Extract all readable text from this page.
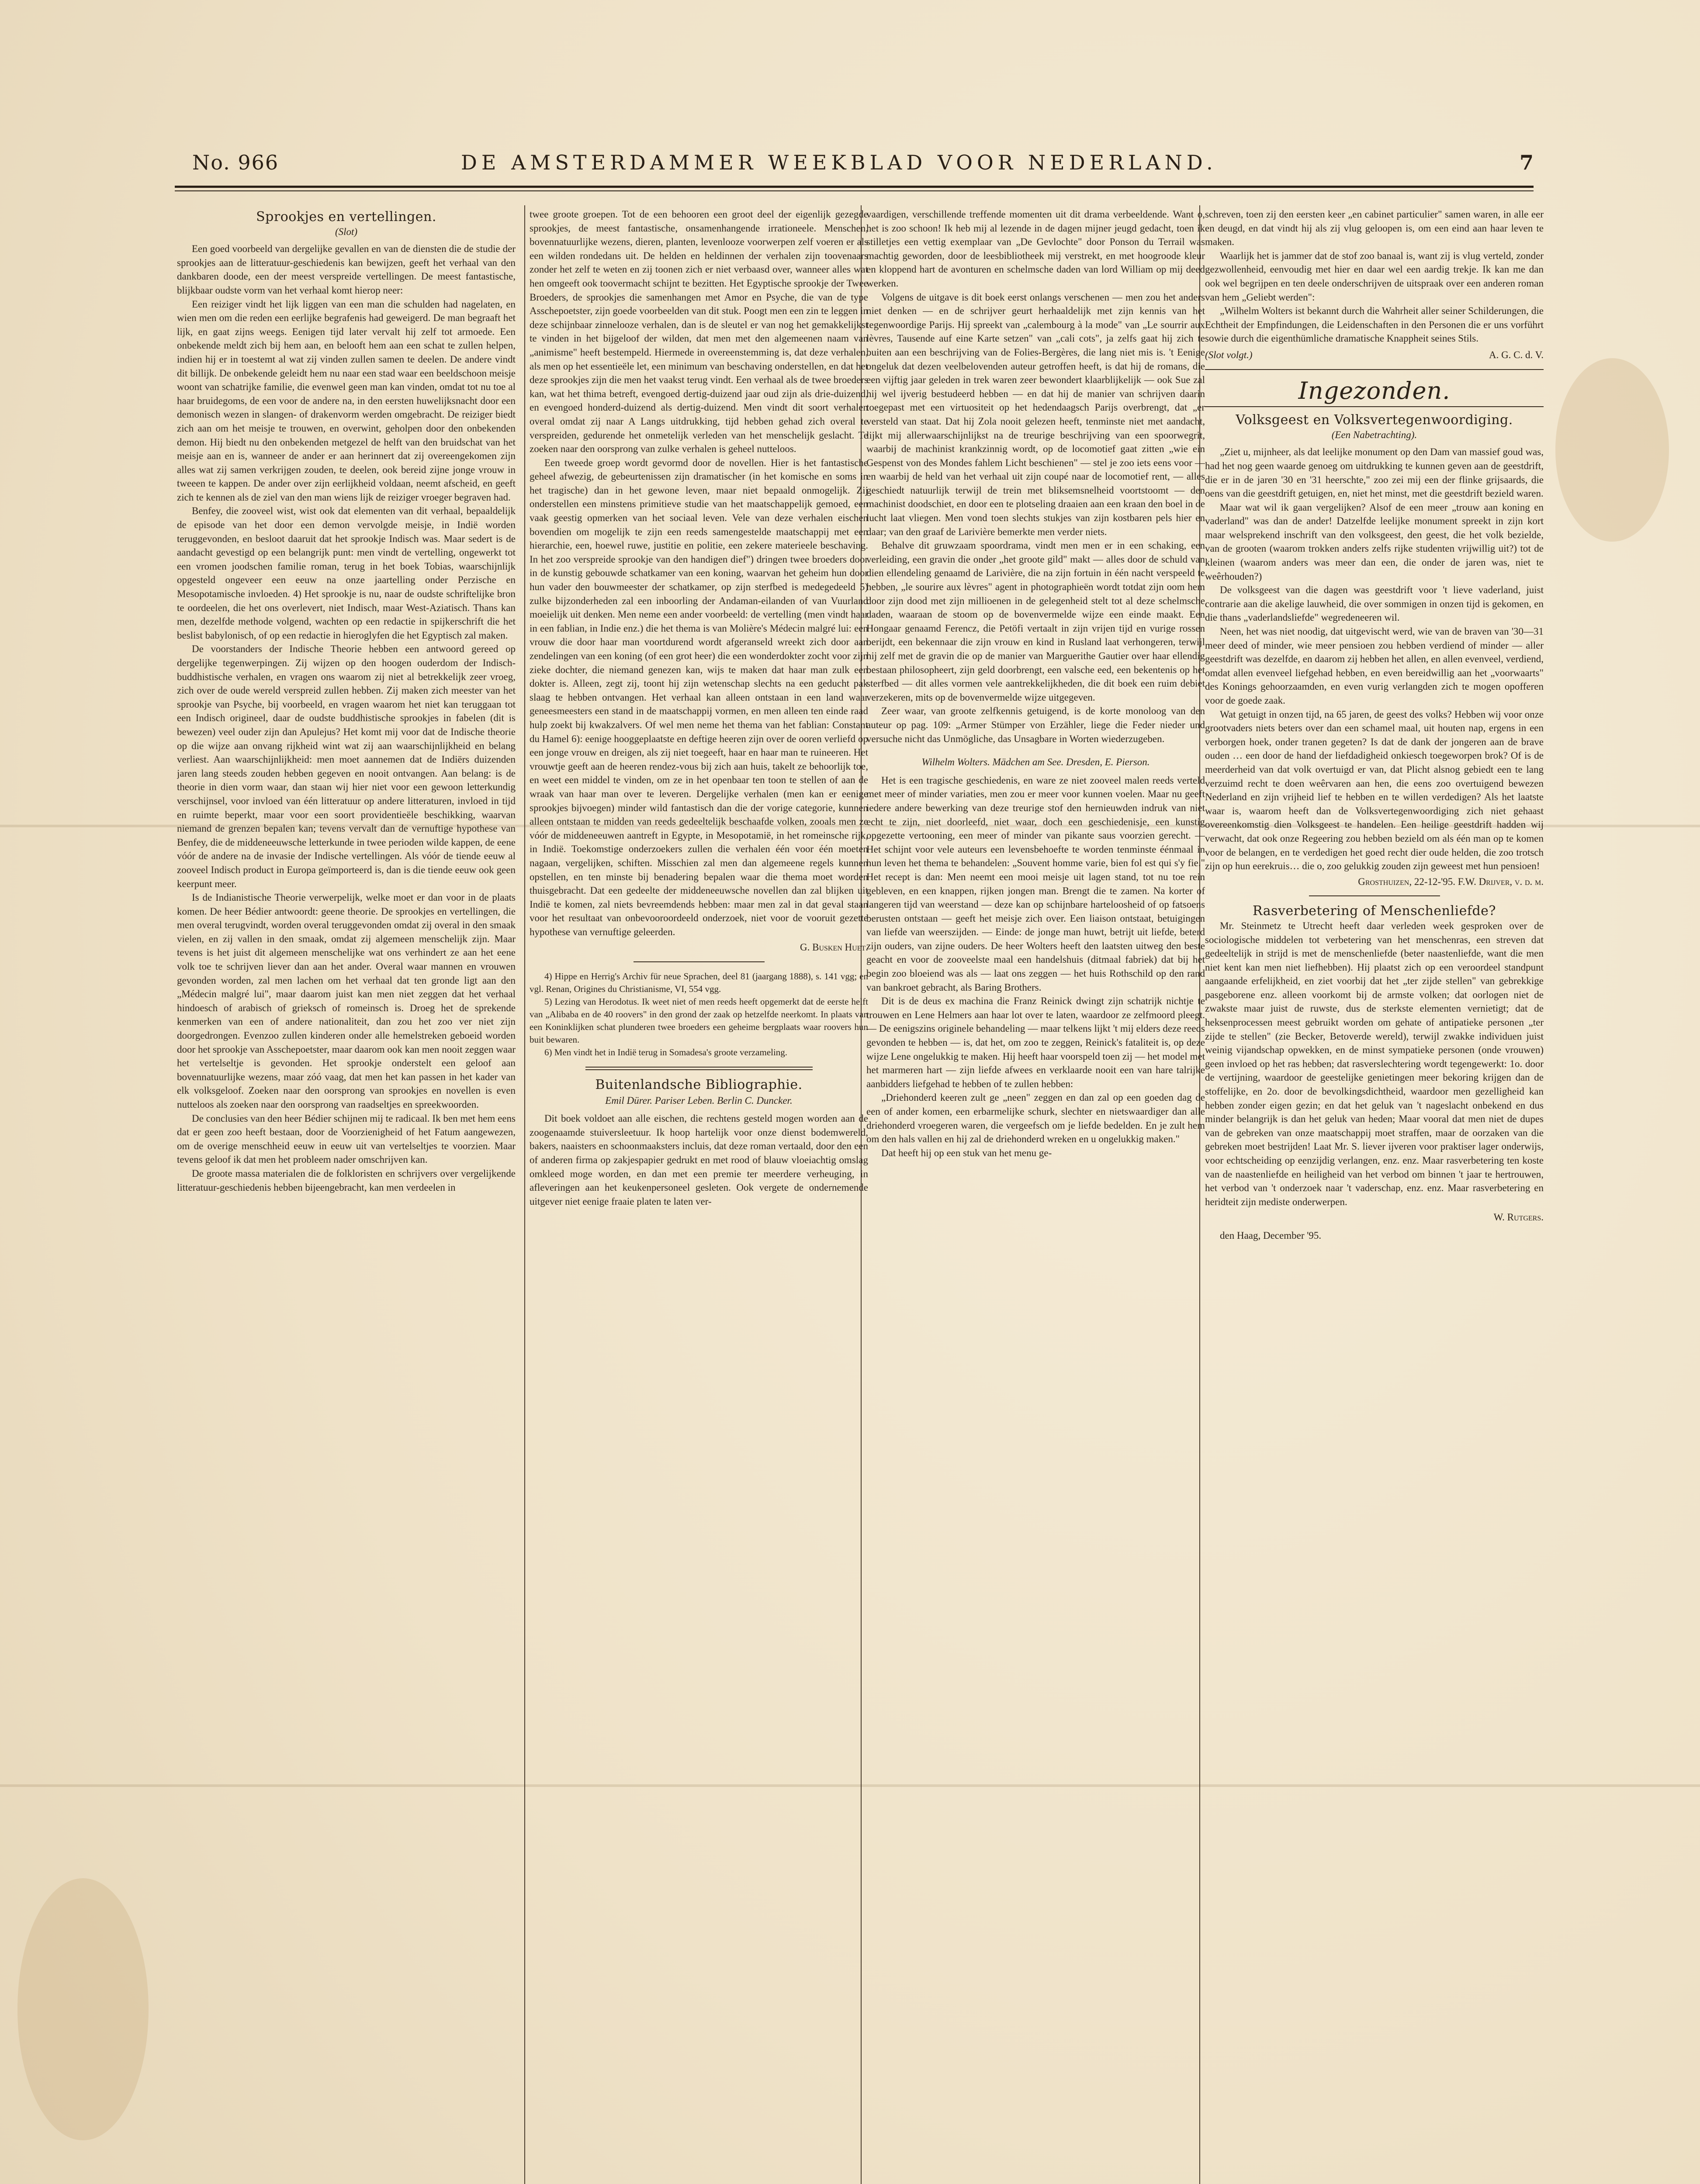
No. 966	DE AMSTERDAMMER WEEKBLAD VOOR NEDERLAND.	7
Sprookjes en vertellingen.
(Slot)

Een goed voorbeeld van dergelijke gevallen en van de diensten die de studie der sprookjes aan de litteratuur-geschiedenis kan bewijzen, geeft het verhaal van den dankbaren doode, een der meest verspreide vertellingen. De meest fantastische, blijkbaar oudste vorm van het verhaal komt hierop neer:

Een reiziger vindt het lijk liggen van een man die schulden had nagelaten, en wien men om die reden een eerlijke begrafenis had geweigerd. De man begraaft het lijk, en gaat zijns weegs. Eenigen tijd later vervalt hij zelf tot armoede. Een onbekende meldt zich bij hem aan, en belooft hem aan een schat te zullen helpen, indien hij er in toestemt al wat zij vinden zullen samen te deelen. De andere vindt dit billijk. De onbekende geleidt hem nu naar een stad waar een beeldschoon meisje woont van schatrijke familie, die evenwel geen man kan vinden, omdat tot nu toe al haar bruidegoms, de een voor de andere na, in den eersten huwelijksnacht door een demonisch wezen in slangen- of drakenvorm werden omgebracht. De reiziger biedt zich aan om het meisje te trouwen, en overwint, geholpen door den onbekenden demon. Hij biedt nu den onbekenden metgezel de helft van den bruidschat van het meisje aan en is, wanneer de ander er aan herinnert dat zij overeengekomen zijn alles wat zij samen verkrijgen zouden, te deelen, ook bereid zijne jonge vrouw in tweeen te kappen. De ander over zijn eerlijkheid voldaan, neemt afscheid, en geeft zich te kennen als de ziel van den man wiens lijk de reiziger vroeger begraven had.

Benfey, die zooveel wist, wist ook dat elementen van dit verhaal, bepaaldelijk de episode van het door een demon vervolgde meisje, in Indië worden teruggevonden, en besloot daaruit dat het sprookje Indisch was. Maar sedert is de aandacht gevestigd op een belangrijk punt: men vindt de vertelling, ongewerkt tot een vromen joodschen familie roman, terug in het boek Tobias, waarschijnlijk opgesteld ongeveer een eeuw na onze jaartelling onder Perzische en Mesopotamische invloeden. 4) Het sprookje is nu, naar de oudste schriftelijke bron te oordeelen, die het ons overlevert, niet Indisch, maar West-Aziatisch. Thans kan men, dezelfde methode volgend, wachten op een redactie in spijkerschrift die het beslist babylonisch, of op een redactie in hieroglyfen die het Egyptisch zal maken.

De voorstanders der Indische Theorie hebben een antwoord gereed op dergelijke tegenwerpingen. Zij wijzen op den hoogen ouderdom der Indisch-buddhistische verhalen, en vragen ons waarom zij niet al betrekkelijk zeer vroeg, zich over de oude wereld verspreid zullen hebben. Zij maken zich meester van het sprookje van Psyche, bij voorbeeld, en vragen waarom het niet kan teruggaan tot een Indisch origineel, daar de oudste buddhistische sprookjes in fabelen (dit is bewezen) veel ouder zijn dan Apulejus? Het komt mij voor dat de Indische theorie op die wijze aan onvang rijkheid wint wat zij aan waarschijnlijkheid en belang verliest. Aan waarschijnlijkheid: men moet aannemen dat de Indiërs duizenden jaren lang steeds zouden hebben gegeven en nooit ontvangen. Aan belang: is de theorie in dien vorm waar, dan staan wij hier niet voor een gewoon letterkundig verschijnsel, voor invloed van één litteratuur op andere litteraturen, invloed in tijd en ruimte beperkt, maar voor een soort providentieële beschikking, waarvan niemand de grenzen bepalen kan; tevens vervalt dan de vernuftige hypothese van Benfey, die de middeneeuwsche letterkunde in twee perioden wilde kappen, de eene vóór de andere na de invasie der Indische vertellingen. Als vóór de tiende eeuw al zooveel Indisch product in Europa geïmporteerd is, dan is die tiende eeuw ook geen keerpunt meer.

Is de Indianistische Theorie verwerpelijk, welke moet er dan voor in de plaats komen. De heer Bédier antwoordt: geene theorie. De sprookjes en vertellingen, die men overal terugvindt, worden overal teruggevonden omdat zij overal in den smaak vielen, en zij vallen in den smaak, omdat zij algemeen menschelijk zijn. Maar tevens is het juist dit algemeen menschelijke wat ons verhindert ze aan het eene volk toe te schrijven liever dan aan het ander. Overal waar mannen en vrouwen gevonden worden, zal men lachen om het verhaal dat ten gronde ligt aan den „Médecin malgré lui", maar daarom juist kan men niet zeggen dat het verhaal hindoesch of arabisch of grieksch of romeinsch is. Droeg het de sprekende kenmerken van een of andere nationaliteit, dan zou het zoo ver niet zijn doorgedrongen. Evenzoo zullen kinderen onder alle hemelstreken geboeid worden door het sprookje van Asschepoetster, maar daarom ook kan men nooit zeggen waar het vertelseltje is gevonden. Het sprookje onderstelt een geloof aan bovennatuurlijke wezens, maar zóó vaag, dat men het kan passen in het kader van elk volksgeloof. Zoeken naar den oorsprong van sprookjes en novellen is even nutteloos als zoeken naar den oorsprong van raadseltjes en spreekwoorden.

De conclusies van den heer Bédier schijnen mij te radicaal. Ik ben met hem eens dat er geen zoo heeft bestaan, door de Voorzienigheid of het Fatum aangewezen, om de overige menschheid eeuw in eeuw uit van vertelseltjes te voorzien. Maar tevens geloof ik dat men het probleem nader omschrijven kan.

De groote massa materialen die de folkloristen en schrijvers over vergelijkende litteratuur-geschiedenis hebben bijeengebracht, kan men verdeelen in

twee groote groepen. Tot de een behooren een groot deel der eigenlijk gezegde sprookjes, de meest fantastische, onsamenhangende irrationeele. Menschen, bovennatuurlijke wezens, dieren, planten, levenlooze voorwerpen zelf voeren er als een wilden rondedans uit. De helden en heldinnen der verhalen zijn toovenaars zonder het zelf te weten en zij toonen zich er niet verbaasd over, wanneer alles wat hen omgeeft ook toovermacht schijnt te bezitten. Het Egyptische sprookje der Twee Broeders, de sprookjes die samenhangen met Amor en Psyche, die van de type Asschepoetster, zijn goede voorbeelden van dit stuk. Poogt men een zin te leggen in deze schijnbaar zinnelooze verhalen, dan is de sleutel er van nog het gemakkelijkst te vinden in het bijgeloof der wilden, dat men met den algemeenen naam van „animisme" heeft bestempeld. Hiermede in overeenstemming is, dat deze verhalen, als men op het essentieële let, een minimum van beschaving onderstellen, en dat het deze sprookjes zijn die men het vaakst terug vindt. Een verhaal als de twee broeders kan, wat het thima betreft, evengoed dertig-duizend jaar oud zijn als drie-duizend, en evengoed honderd-duizend als dertig-duizend. Men vindt dit soort verhalen overal omdat zij naar A Langs uitdrukking, tijd hebben gehad zich overal te verspreiden, gedurende het onmetelijk verleden van het menschelijk geslacht. Te zoeken naar den oorsprong van zulke verhalen is geheel nutteloos.

Een tweede groep wordt gevormd door de novellen. Hier is het fantastische geheel afwezig, de gebeurtenissen zijn dramatischer (in het komische en soms in het tragische) dan in het gewone leven, maar niet bepaald onmogelijk. Zij onderstellen een minstens primitieve studie van het maatschappelijk gemoed, een vaak geestig opmerken van het sociaal leven. Vele van deze verhalen eischen bovendien om mogelijk te zijn een reeds samengestelde maatschappij met een hierarchie, een, hoewel ruwe, justitie en politie, een zekere materieele beschaving. In het zoo verspreide sprookje van den handigen dief") dringen twee broeders door in de kunstig gebouwde schatkamer van een koning, waarvan het geheim hun door hun vader den bouwmeester der schatkamer, op zijn sterfbed is medegedeeld 5) zulke bijzonderheden zal een inboorling der Andaman-eilanden of van Vuurland moeielijk uit denken. Men neme een ander voorbeeld: de vertelling (men vindt haar in een fablian, in Indie enz.) die het thema is van Molière's Médecin malgré lui: een vrouw die door haar man voortdurend wordt afgeranseld wreekt zich door aan zendelingen van een koning (of een grot heer) die een wonderdokter zocht voor zijn zieke dochter, die niemand genezen kan, wijs te maken dat haar man zulk een dokter is. Alleen, zegt zij, toont hij zijn wetenschap slechts na een geducht pak slaag te hebben ontvangen. Het verhaal kan alleen ontstaan in een land waar geneesmeesters een stand in de maatschappij vormen, en men alleen ten einde raad hulp zoekt bij kwakzalvers. Of wel men neme het thema van het fablian: Constant du Hamel 6): eenige hooggeplaatste en deftige heeren zijn over de ooren verliefd op een jonge vrouw en dreigen, als zij niet toegeeft, haar en haar man te ruineeren. Het vrouwtje geeft aan de heeren rendez-vous bij zich aan huis, takelt ze behoorlijk toe, en weet een middel te vinden, om ze in het openbaar ten toon te stellen of aan de wraak van haar man over te leveren. Dergelijke verhalen (men kan er eenige sprookjes bijvoegen) minder wild fantastisch dan die der vorige categorie, kunnen alleen ontstaan te midden van reeds gedeeltelijk beschaafde volken, zooals men ze vóór de middeneeuwen aantreft in Egypte, in Mesopotamië, in het romeinsche rijk, in Indië. Toekomstige onderzoekers zullen die verhalen één voor één moeten nagaan, vergelijken, schiften. Misschien zal men dan algemeene regels kunnen opstellen, en ten minste bij benadering bepalen waar die thema moet worden thuisgebracht. Dat een gedeelte der middeneeuwsche novellen dan zal blijken uit Indië te komen, zal niets bevreemdends hebben: maar men zal in dat geval staan voor het resultaat van onbevooroordeeld onderzoek, niet voor de vooruit gezette hypothese van vernuftige geleerden.

G. Busken Huet.

4) Hippe en Herrig's Archiv für neue Sprachen, deel 81 (jaargang 1888), s. 141 vgg; en vgl. Renan, Origines du Christianisme, VI, 554 vgg.

5) Lezing van Herodotus. Ik weet niet of men reeds heeft opgemerkt dat de eerste helft van „Alibaba en de 40 roovers" in den grond der zaak op hetzelfde neerkomt. In plaats van een Koninklijken schat plunderen twee broeders een geheime bergplaats waar roovers hun buit bewaren.

6) Men vindt het in Indië terug in Somadesa's groote verzameling.

Buitenlandsche Bibliographie.
Emil Dürer. Pariser Leben. Berlin C. Duncker.

Dit boek voldoet aan alle eischen, die rechtens gesteld mogen worden aan de zoogenaamde stuiversleetuur. Ik hoop hartelijk voor onze dienst bodemwereld, bakers, naaisters en schoonmaaksters incluis, dat deze roman vertaald, door den een of anderen firma op zakjespapier gedrukt en met rood of blauw vloeiachtig omslag omkleed moge worden, en dan met een premie ter meerdere verheuging, in afleveringen aan het keukenpersoneel gesleten. Ook vergete de ondernemende uitgever niet eenige fraaie platen te laten ver-

vaardigen, verschillende treffende momenten uit dit drama verbeeldende. Want o, het is zoo schoon! Ik heb mij al lezende in de dagen mijner jeugd gedacht, toen ik stilletjes een vettig exemplaar van „De Gevlochte" door Ponson du Terrail was machtig geworden, door de leesbibliotheek mij verstrekt, en met hoogroode kleur en kloppend hart de avonturen en schelmsche daden van lord William op mij deed werken.

Volgens de uitgave is dit boek eerst onlangs verschenen — men zou het anders niet denken — en de schrijver geurt herhaaldelijk met zijn kennis van het tegenwoordige Parijs. Hij spreekt van „calembourg à la mode" van „Le sourrir aux lèvres, Tausende auf eine Karte setzen" van „cali cots", ja zelfs gaat hij zich te buiten aan een beschrijving van de Folies-Bergères, die lang niet mis is. 't Eenige ongeluk dat dezen veelbelovenden auteur getroffen heeft, is dat hij de romans, die een vijftig jaar geleden in trek waren zeer bewondert klaarblijkelijk — ook Sue zal hij wel ijverig bestudeerd hebben — en dat hij de manier van schrijven daarin toegepast met een virtuositeit op het hedendaagsch Parijs overbrengt, dat „er versteld van staat. Dat hij Zola nooit gelezen heeft, tenminste niet met aandacht, lijkt mij allerwaarschijnlijkst na de treurige beschrijving van een spoorwegrit, waarbij de machinist krankzinnig wordt, op de locomotief gaat zitten „wie ein Gespenst von des Mondes fahlem Licht beschienen" — stel je zoo iets eens voor — en waarbij de held van het verhaal uit zijn coupé naar de locomotief rent, — alles geschiedt natuurlijk terwijl de trein met bliksemsnelheid voortstoomt — den machinist doodschiet, en door een te plotseling draaien aan een kraan den boel in de lucht laat vliegen. Men vond toen slechts stukjes van zijn kostbaren pels hier en daar; van den graaf de Larivière bemerkte men verder niets.

Behalve dit gruwzaam spoordrama, vindt men men er in een schaking, een verleiding, een gravin die onder „het groote gild" makt — alles door de schuld van dien ellendeling genaamd de Larivière, die na zijn fortuin in één nacht verspeeld te hebben, „le sourire aux lèvres" agent in photographieën wordt totdat zijn oom hem door zijn dood met zijn millioenen in de gelegenheid stelt tot al deze schelmsche daden, waaraan de stoom op de bovenvermelde wijze een einde maakt. Een Hongaar genaamd Ferencz, die Petöfi vertaalt in zijn vrijen tijd en vurige rossen berijdt, een bekennaar die zijn vrouw en kind in Rusland laat verhongeren, terwijl hij zelf met de gravin die op de manier van Marguerithe Gautier over haar ellendig bestaan philosopheert, zijn geld doorbrengt, een valsche eed, een bekentenis op het sterfbed — dit alles vormen vele aantrekkelijkheden, die dit boek een ruim debiet verzekeren, mits op de bovenvermelde wijze uitgegeven.

Zeer waar, van groote zelfkennis getuigend, is de korte monoloog van den auteur op pag. 109: „Armer Stümper von Erzähler, liege die Feder nieder und versuche nicht das Unmögliche, das Unsagbare in Worten wiederzugeben.

Wilhelm Wolters. Mädchen am See. Dresden, E. Pierson.

Het is een tragische geschiedenis, en ware ze niet zooveel malen reeds verteld met meer of minder variaties, men zou er meer voor kunnen voelen. Maar nu geeft iedere andere bewerking van deze treurige stof den hernieuwden indruk van niet echt te zijn, niet doorleefd, niet waar, doch een geschiedenisje, een kunstig opgezette vertooning, een meer of minder van pikante saus voorzien gerecht. — Het schijnt voor vele auteurs een levensbehoefte te worden tenminste éénmaal in hun leven het thema te behandelen: „Souvent homme varie, bien fol est qui s'y fie." Het recept is dan: Men neemt een mooi meisje uit lagen stand, tot nu toe rein gebleven, en een knappen, rijken jongen man. Brengt die te zamen. Na korter of langeren tijd van weerstand — deze kan op schijnbare harteloosheid of op fatsoens berusten ontstaan — geeft het meisje zich over. Een liaison ontstaat, betuigingen van liefde van weerszijden. — Einde: de jonge man huwt, betrijt uit liefde, beterd zijn ouders, van zijne ouders. De heer Wolters heeft den laatsten uitweg den beste geacht en voor de zooveelste maal een handelshuis (ditmaal fabriek) dat bij het begin zoo bloeiend was als — laat ons zeggen — het huis Rothschild op den rand van bankroet gebracht, als Baring Brothers.

Dit is de deus ex machina die Franz Reinick dwingt zijn schatrijk nichtje te trouwen en Lene Helmers aan haar lot over te laten, waardoor ze zelfmoord pleegt. — De eenigszins originele behandeling — maar telkens lijkt 't mij elders deze reeds gevonden te hebben — is, dat het, om zoo te zeggen, Reinick's fataliteit is, op deze wijze Lene ongelukkig te maken. Hij heeft haar voorspeld toen zij — het model met het marmeren hart — zijn liefde afwees en verklaarde nooit een van hare talrijke aanbidders liefgehad te hebben of te zullen hebben:

„Driehonderd keeren zult ge „neen" zeggen en dan zal op een goeden dag de een of ander komen, een erbarmelijke schurk, slechter en nietswaardiger dan alle driehonderd vroegeren waren, die vergeefsch om je liefde bedelden. En je zult hem om den hals vallen en hij zal de driehonderd wreken en u ongelukkig maken."

Dat heeft hij op een stuk van het menu ge-

schreven, toen zij den eersten keer „en cabinet particulier" samen waren, in alle eer en deugd, en dat vindt hij als zij vlug geloopen is, om een eind aan haar leven te maken.

Waarlijk het is jammer dat de stof zoo banaal is, want zij is vlug verteld, zonder gezwollenheid, eenvoudig met hier en daar wel een aardig trekje. Ik kan me dan ook wel begrijpen en ten deele onderschrijven de uitspraak over een anderen roman van hem „Geliebt werden":

„Wilhelm Wolters ist bekannt durch die Wahrheit aller seiner Schilderungen, die Echtheit der Empfindungen, die Leidenschaften in den Personen die er uns vorführt sowie durch die eigenthümliche dramatische Knappheit seines Stils.

(Slot volgt.)	A. G. C. d. V.
Ingezonden.
Volksgeest en Volksvertegenwoordiging.
(Een Nabetrachting).

„Ziet u, mijnheer, als dat leelijke monument op den Dam van massief goud was, had het nog geen waarde genoeg om uitdrukking te kunnen geven aan de geestdrift, die er in de jaren '30 en '31 heerschte," zoo zei mij een der flinke grijsaards, die oens van die geestdrift getuigen, en, niet het minst, met die geestdrift bezield waren.

Maar wat wil ik gaan vergelijken? Alsof de een meer „trouw aan koning en vaderland" was dan de ander! Datzelfde leelijke monument spreekt in zijn kort maar welsprekend inschrift van den volksgeest, den geest, die het volk bezielde, van de grooten (waarom trokken anders zelfs rijke studenten vrijwillig uit?) tot de kleinen (waarom anders was meer dan een, die onder de jaren was, niet te weêrhouden?)

De volksgeest van die dagen was geestdrift voor 't lieve vaderland, juist contrarie aan die akelige lauwheid, die over sommigen in onzen tijd is gekomen, en die thans „vaderlandsliefde" wegredeneeren wil.

Neen, het was niet noodig, dat uitgevischt werd, wie van de braven van '30—31 meer deed of minder, wie meer pensioen zou hebben verdiend of minder — aller geestdrift was dezelfde, en daarom zij hebben het allen, en allen evenveel, verdiend, omdat allen evenveel liefgehad hebben, en even bereidwillig aan het „voorwaarts" des Konings gehoorzaamden, en even vurig verlangden zich te mogen opofferen voor de goede zaak.

Wat getuigt in onzen tijd, na 65 jaren, de geest des volks? Hebben wij voor onze grootvaders niets beters over dan een schamel maal, uit houten nap, ergens in een verborgen hoek, onder tranen gegeten? Is dat de dank der jongeren aan de brave ouden … een door de hand der liefdadigheid onkiesch toegeworpen brok? Of is de meerderheid van dat volk overtuigd er van, dat Plicht alsnog gebiedt een te lang verzuimd recht te doen weêrvaren aan hen, die eens zoo overtuigend bewezen Nederland en zijn vrijheid lief te hebben en te willen verdedigen? Als het laatste waar is, waarom heeft dan de Volksvertegenwoordiging zich niet gehaast overeenkomstig dien Volksgeest te handelen. Een heilige geestdrift hadden wij verwacht, dat ook onze Regeering zou hebben bezield om als één man op te komen voor de belangen, en te verdedigen het goed recht dier oude helden, die zoo trotsch zijn op hun eerekruis… die o, zoo gelukkig zouden zijn geweest met hun pensioen!

Grosthuizen, 22-12-'95. F.W. Drijver, v. d. m.
Rasverbetering of Menschenliefde?

Mr. Steinmetz te Utrecht heeft daar verleden week gesproken over de sociologische middelen tot verbetering van het menschenras, een streven dat gedeeltelijk in strijd is met de menschenliefde (beter naastenliefde, want die men niet kent kan men niet liefhebben). Hij plaatst zich op een veroordeel standpunt aangaande erfelijkheid, en ziet voorbij dat het „ter zijde stellen" van gebrekkige pasgeborene enz. alleen voorkomt bij de armste volken; dat oorlogen niet de zwakste maar juist de ruwste, dus de sterkste elementen vernietigt; dat de heksenprocessen meest gebruikt worden om gehate of antipatieke personen „ter zijde te stellen" (zie Becker, Betoverde wereld), terwijl zwakke individuen juist weinig vijandschap opwekken, en de minst sympatieke personen (onde vrouwen) geen invloed op het ras hebben; dat rasverslechtering wordt tegengewerkt: 1o. door de vertijning, waardoor de geestelijke genietingen meer bekoring krijgen dan de stoffelijke, en 2o. door de bevolkingsdichtheid, waardoor men gezelligheid kan hebben zonder eigen gezin; en dat het geluk van 't nageslacht onbekend en dus minder belangrijk is dan het geluk van heden; Maar vooral dat men niet de dupes van de gebreken van onze maatschappij moet straffen, maar de oorzaken van die gebreken moet bestrijden! Laat Mr. S. liever ijveren voor praktiser lager onderwijs, voor echtscheiding op eenzijdig verlangen, enz. enz. Maar rasverbetering ten koste van de naastenliefde en heiligheid van het verbod om binnen 't jaar te hertrouwen, het verbod van 't onderzoek naar 't vaderschap, enz. enz. Maar rasverbetering en heridteit zijn mediste onderwerpen.

W. Rutgers.

den Haag, December '95.
